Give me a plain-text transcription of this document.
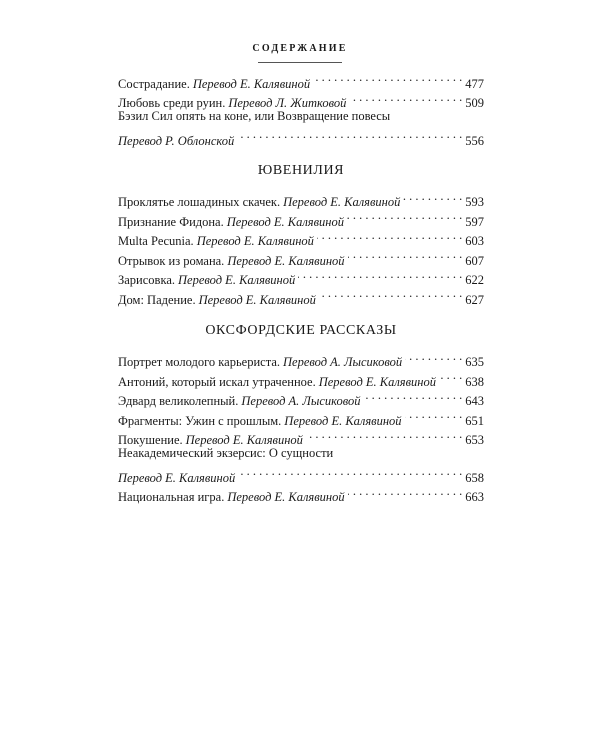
СОДЕРЖАНИЕ
Сострадание. Перевод Е. Калявиной . . .	477
Любовь среди руин. Перевод Л. Житковой . . .	509
Бэзил Сил опять на коне, или Возвращение повесы
Перевод Р. Облонской . . .	556
ЮВЕНИЛИЯ
Проклятье лошадиных скачек. Перевод Е. Калявиной . . .	593
Признание Фидона. Перевод Е. Калявиной . . .	597
Multa Pecunia. Перевод Е. Калявиной . . .	603
Отрывок из романа. Перевод Е. Калявиной . . .	607
Зарисовка. Перевод Е. Калявиной . . .	622
Дом: Падение. Перевод Е. Калявиной . . .	627
ОКСФОРДСКИЕ РАССКАЗЫ
Портрет молодого карьериста. Перевод А. Лысиковой . . .	635
Антоний, который искал утраченное. Перевод Е. Калявиной . . . 638
Эдвард великолепный. Перевод А. Лысиковой . . .	643
Фрагменты: Ужин с прошлым. Перевод Е. Калявиной . . .	651
Покушение. Перевод Е. Калявиной . . .	653
Неакадемический экзерсис: О сущности
Перевод Е. Калявиной . . .	658
Национальная игра. Перевод Е. Калявиной . . .	663
